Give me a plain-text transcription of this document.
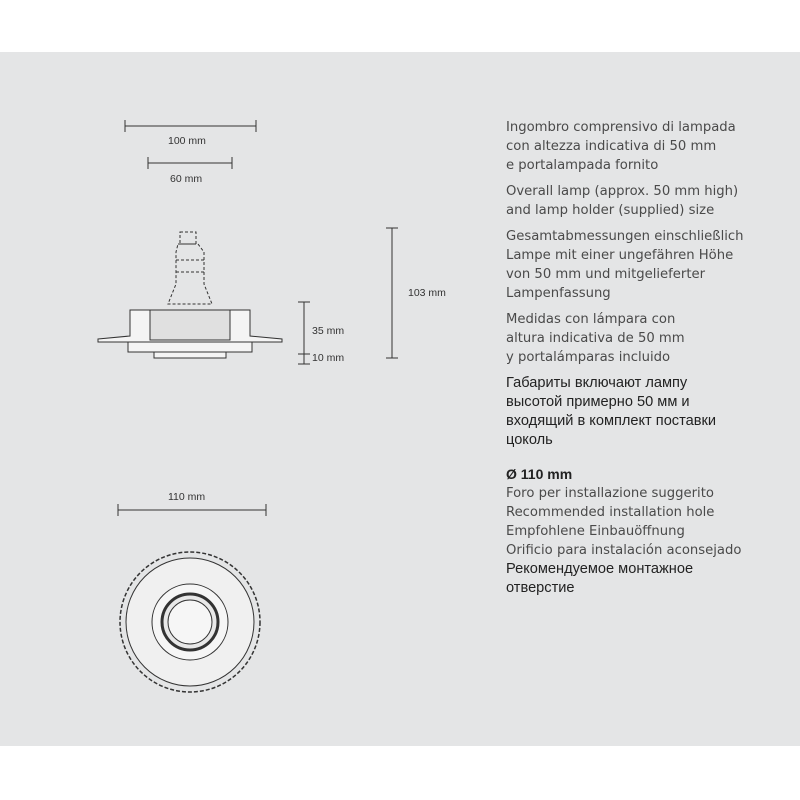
100 mm
60 mm
103 mm
35 mm
10 mm
110 mm
Ingombro comprensivo di lampada
con altezza indicativa di 50 mm
e portalampada fornito
Overall lamp (approx. 50 mm high)
and lamp holder (supplied) size
Gesamtabmessungen einschließlich
Lampe mit einer ungefähren Höhe
von 50 mm und mitgelieferter
Lampenfassung
Medidas con lámpara con
altura indicativa de 50 mm
y portalámparas incluido
Габариты включают лампу
высотой примерно 50 мм и
входящий в комплект поставки
цоколь
Ø 110 mm
Foro per installazione suggerito
Recommended installation hole
Empfohlene Einbauöffnung
Orificio para instalación aconsejado
Рекомендуемое монтажное
отверстие
